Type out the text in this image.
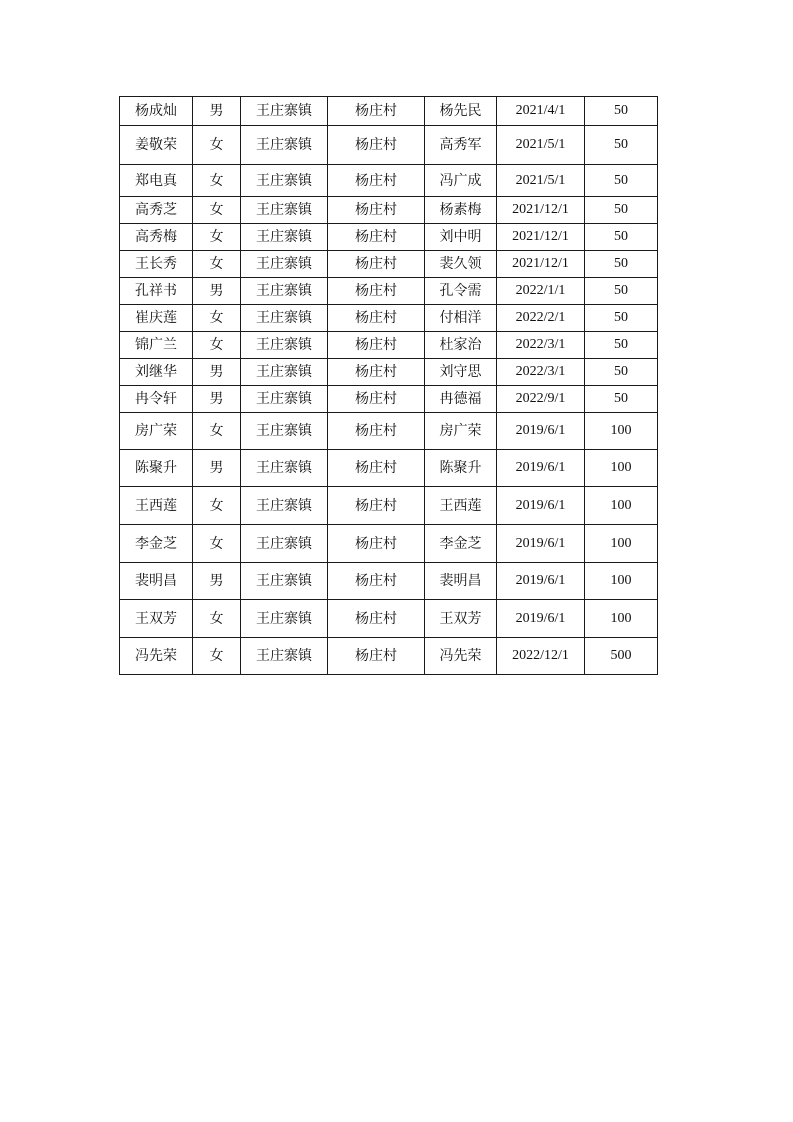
杨成灿	男	王庄寨镇	杨庄村	杨先民	2021/4/1	50
姜敬荣	女	王庄寨镇	杨庄村	高秀军	2021/5/1	50
郑电真	女	王庄寨镇	杨庄村	冯广成	2021/5/1	50
高秀芝	女	王庄寨镇	杨庄村	杨素梅	2021/12/1	50
高秀梅	女	王庄寨镇	杨庄村	刘中明	2021/12/1	50
王长秀	女	王庄寨镇	杨庄村	裴久领	2021/12/1	50
孔祥书	男	王庄寨镇	杨庄村	孔令需	2022/1/1	50
崔庆莲	女	王庄寨镇	杨庄村	付相洋	2022/2/1	50
锦广兰	女	王庄寨镇	杨庄村	杜家治	2022/3/1	50
刘继华	男	王庄寨镇	杨庄村	刘守思	2022/3/1	50
冉令轩	男	王庄寨镇	杨庄村	冉德福	2022/9/1	50
房广荣	女	王庄寨镇	杨庄村	房广荣	2019/6/1	100
陈聚升	男	王庄寨镇	杨庄村	陈聚升	2019/6/1	100
王西莲	女	王庄寨镇	杨庄村	王西莲	2019/6/1	100
李金芝	女	王庄寨镇	杨庄村	李金芝	2019/6/1	100
裴明昌	男	王庄寨镇	杨庄村	裴明昌	2019/6/1	100
王双芳	女	王庄寨镇	杨庄村	王双芳	2019/6/1	100
冯先荣	女	王庄寨镇	杨庄村	冯先荣	2022/12/1	500
